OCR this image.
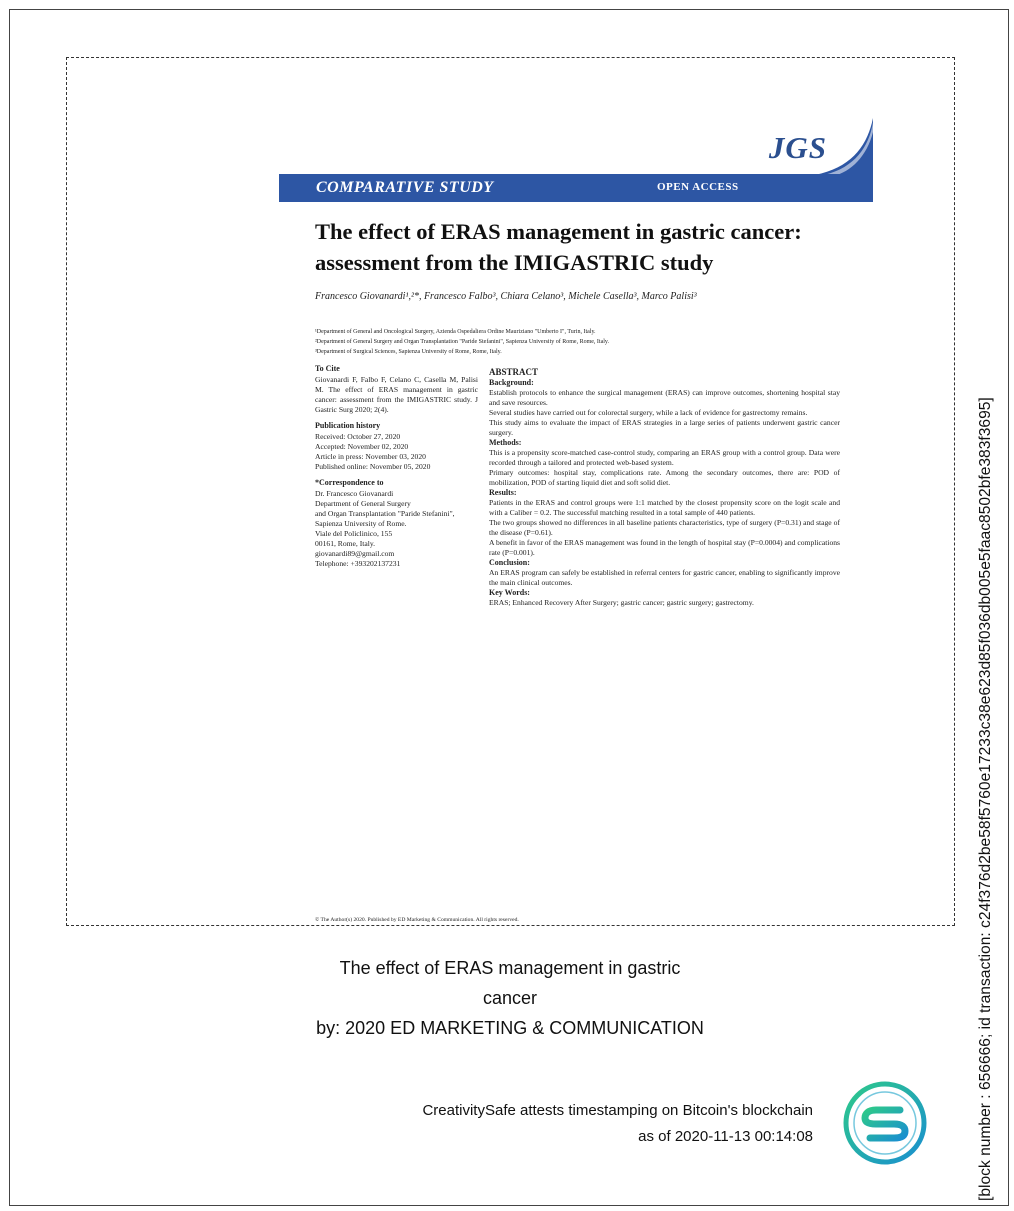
JGS
COMPARATIVE STUDY	OPEN ACCESS
The effect of ERAS management in gastric cancer:
assessment from the IMIGASTRIC study
Francesco Giovanardi¹,²*, Francesco Falbo³, Chiara Celano³, Michele Casella³, Marco Palisi³
¹Department of General and Oncological Surgery, Azienda Ospedaliera Ordine Mauriziano "Umberto I", Turin, Italy.
²Department of General Surgery and Organ Transplantation "Paride Stefanini", Sapienza University of Rome, Rome, Italy.
³Department of Surgical Sciences, Sapienza University of Rome, Rome, Italy.
To Cite
Giovanardi F, Falbo F, Celano C, Casella M, Palisi M. The effect of ERAS management in gastric cancer: assessment from the IMIGASTRIC study. J Gastric Surg 2020; 2(4).
Publication history
Received: October 27, 2020
Accepted: November 02, 2020
Article in press: November 03, 2020
Published online: November 05, 2020
*Correspondence to
Dr. Francesco Giovanardi
Department of General Surgery
and Organ Transplantation "Paride Stefanini",
Sapienza University of Rome.
Viale del Policlinico, 155
00161, Rome, Italy.
giovanardi89@gmail.com
Telephone: +393202137231
ABSTRACT
Background:
Establish protocols to enhance the surgical management (ERAS) can improve outcomes, shortening hospital stay and save resources.
Several studies have carried out for colorectal surgery, while a lack of evidence for gastrectomy remains.
This study aims to evaluate the impact of ERAS strategies in a large series of patients underwent gastric cancer surgery.
Methods:
This is a propensity score-matched case-control study, comparing an ERAS group with a control group. Data were recorded through a tailored and protected web-based system.
Primary outcomes: hospital stay, complications rate. Among the secondary outcomes, there are: POD of mobilization, POD of starting liquid diet and soft solid diet.
Results:
Patients in the ERAS and control groups were 1:1 matched by the closest propensity score on the logit scale and with a Caliber = 0.2. The successful matching resulted in a total sample of 440 patients.
The two groups showed no differences in all baseline patients characteristics, type of surgery (P=0.31) and stage of the disease (P=0.61).
A benefit in favor of the ERAS management was found in the length of hospital stay (P=0.0004) and complications rate (P=0.001).
Conclusion:
An ERAS program can safely be established in referral centers for gastric cancer, enabling to significantly improve the main clinical outcomes.
Key Words:
ERAS; Enhanced Recovery After Surgery; gastric cancer; gastric surgery; gastrectomy.
© The Author(s) 2020. Published by ED Marketing & Communication. All rights reserved.
The effect of ERAS management in gastric
cancer
by: 2020 ED MARKETING & COMMUNICATION
CreativitySafe attests timestamping on Bitcoin's blockchain
as of 2020-11-13 00:14:08	[block number : 656666; id transaction: c24f376d2be58f5760e17233c38e623d85f036db005e5faac8502bfe383f3695]
